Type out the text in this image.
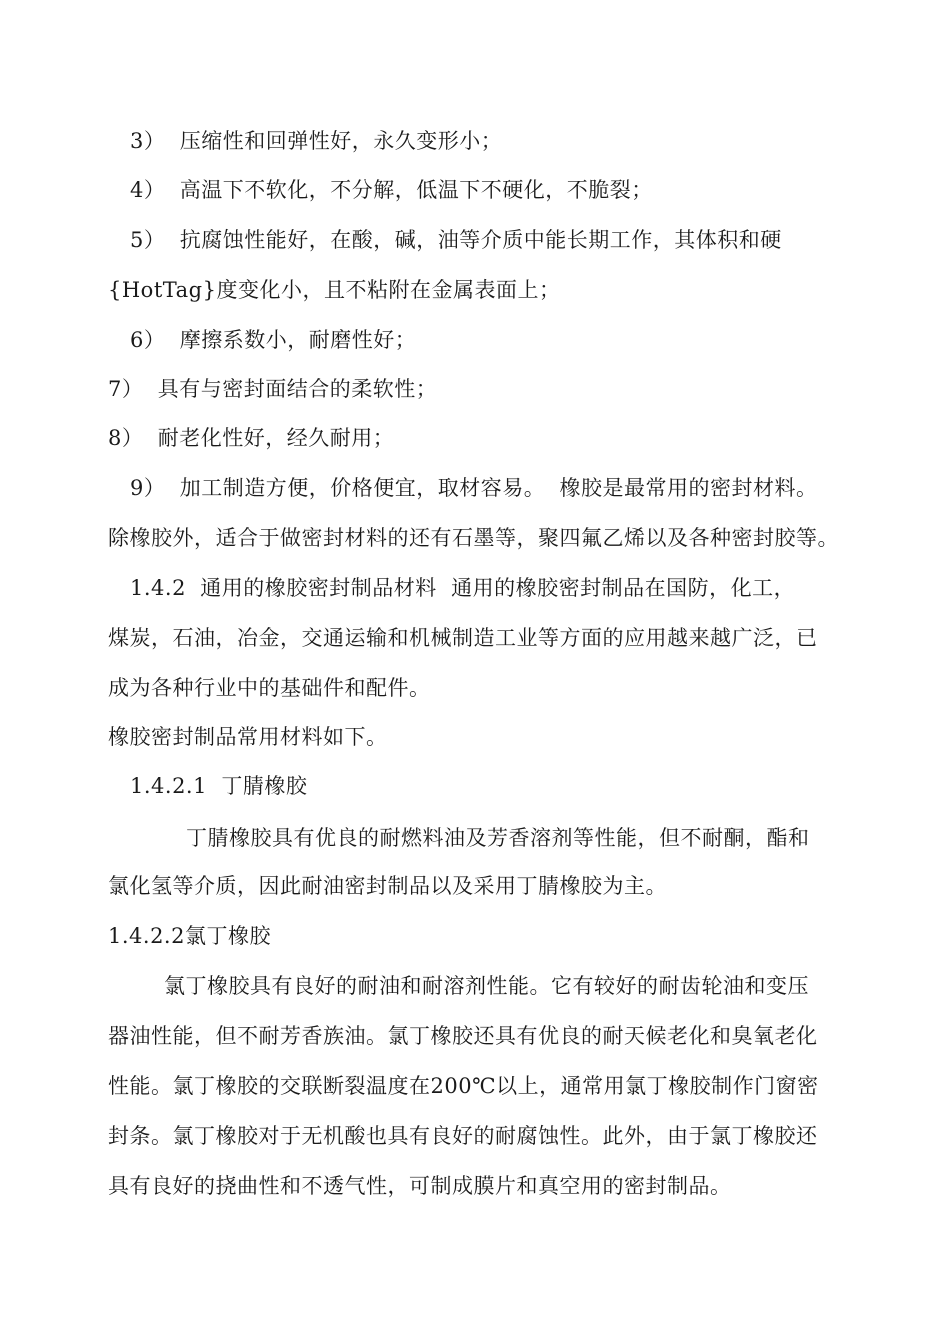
3）  压缩性和回弹性好，永久变形小；
4）  高温下不软化，不分解，低温下不硬化，不脆裂；
5）  抗腐蚀性能好，在酸，碱，油等介质中能长期工作，其体积和硬
{HotTag}度变化小，且不粘附在金属表面上；
6）  摩擦系数小，耐磨性好；
7）  具有与密封面结合的柔软性；
8）  耐老化性好，经久耐用；
9）  加工制造方便，价格便宜，取材容易。  橡胶是最常用的密封材料。
除橡胶外，适合于做密封材料的还有石墨等，聚四氟乙烯以及各种密封胶等。
1.4.2  通用的橡胶密封制品材料  通用的橡胶密封制品在国防，化工，
煤炭，石油，冶金，交通运输和机械制造工业等方面的应用越来越广泛，已
成为各种行业中的基础件和配件。
橡胶密封制品常用材料如下。
1.4.2.1  丁腈橡胶
丁腈橡胶具有优良的耐燃料油及芳香溶剂等性能，但不耐酮，酯和
氯化氢等介质，因此耐油密封制品以及采用丁腈橡胶为主。
1.4.2.2氯丁橡胶
氯丁橡胶具有良好的耐油和耐溶剂性能。它有较好的耐齿轮油和变压
器油性能，但不耐芳香族油。氯丁橡胶还具有优良的耐天候老化和臭氧老化
性能。氯丁橡胶的交联断裂温度在200℃以上，通常用氯丁橡胶制作门窗密
封条。氯丁橡胶对于无机酸也具有良好的耐腐蚀性。此外，由于氯丁橡胶还
具有良好的挠曲性和不透气性，可制成膜片和真空用的密封制品。
